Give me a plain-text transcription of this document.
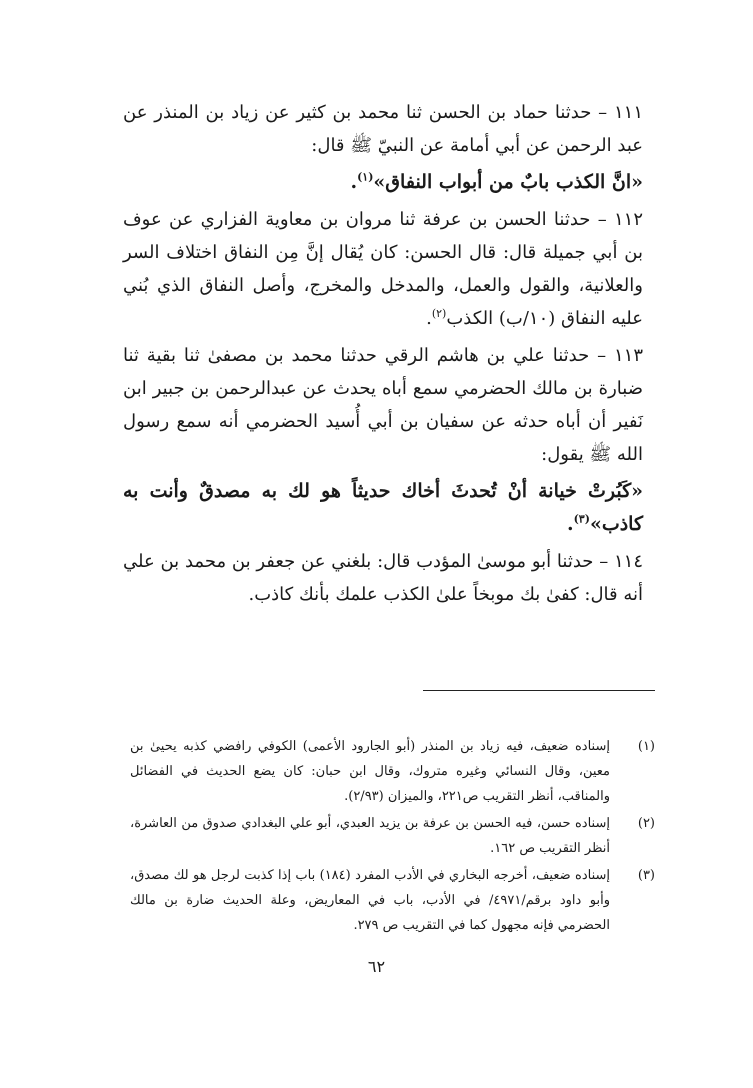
١١١ – حدثنا حماد بن الحسن ثنا محمد بن كثير عن زياد بن المنذر عن عبد الرحمن عن أبي أمامة عن النبيّ ﷺ قال:

«انَّ الكذب بابٌ من أبواب النفاق»$^{(١)}$.

١١٢ – حدثنا الحسن بن عرفة ثنا مروان بن معاوية الفزاري عن عوف بن أبي جميلة قال: قال الحسن: كان يُقال إنَّ مِن النفاق اختلاف السر والعلانية، والقول والعمل، والمدخل والمخرج، وأصل النفاق الذي بُني عليه النفاق (١٠/ب) الكذب$^{(٢)}$.

١١٣ – حدثنا علي بن هاشم الرقي حدثنا محمد بن مصفىٰ ثنا بقية ثنا ضبارة بن مالك الحضرمي سمع أباه يحدث عن عبدالرحمن بن جبير ابن نَفير أن أباه حدثه عن سفيان بن أبي أُسيد الحضرمي أنه سمع رسول الله ﷺ يقول:

«كَبُرتْ خيانة أنْ تُحدثَ أخاك حديثاً هو لك به مصدقٌ وأنت به كاذب»$^{(٣)}$.

١١٤ – حدثنا أبو موسىٰ المؤدب قال: بلغني عن جعفر بن محمد بن علي أنه قال: كفىٰ بك موبخاً علىٰ الكذب علمك بأنك كاذب.

(١)
إسناده ضعيف، فيه زياد بن المنذر (أبو الجارود الأعمى) الكوفي رافضي كذبه يحيىٰ بن معين، وقال النسائي وغيره متروك، وقال ابن حبان: كان يضع الحديث في الفضائل والمناقب، أنظر التقريب ص٢٢١، والميزان (٢/٩٣).
(٢)
إسناده حسن، فيه الحسن بن عرفة بن يزيد العبدي، أبو علي البغدادي صدوق من العاشرة، أنظر التقريب ص ١٦٢.
(٣)
إسناده ضعيف، أخرجه البخاري في الأدب المفرد (١٨٤) باب إذا كذبت لرجل هو لك مصدق، وأبو داود برقم/٤٩٧١/ في الأدب، باب في المعاريض، وعلة الحديث ضارة بن مالك الحضرمي فإنه مجهول كما في التقريب ص ٢٧٩.
٦٢
